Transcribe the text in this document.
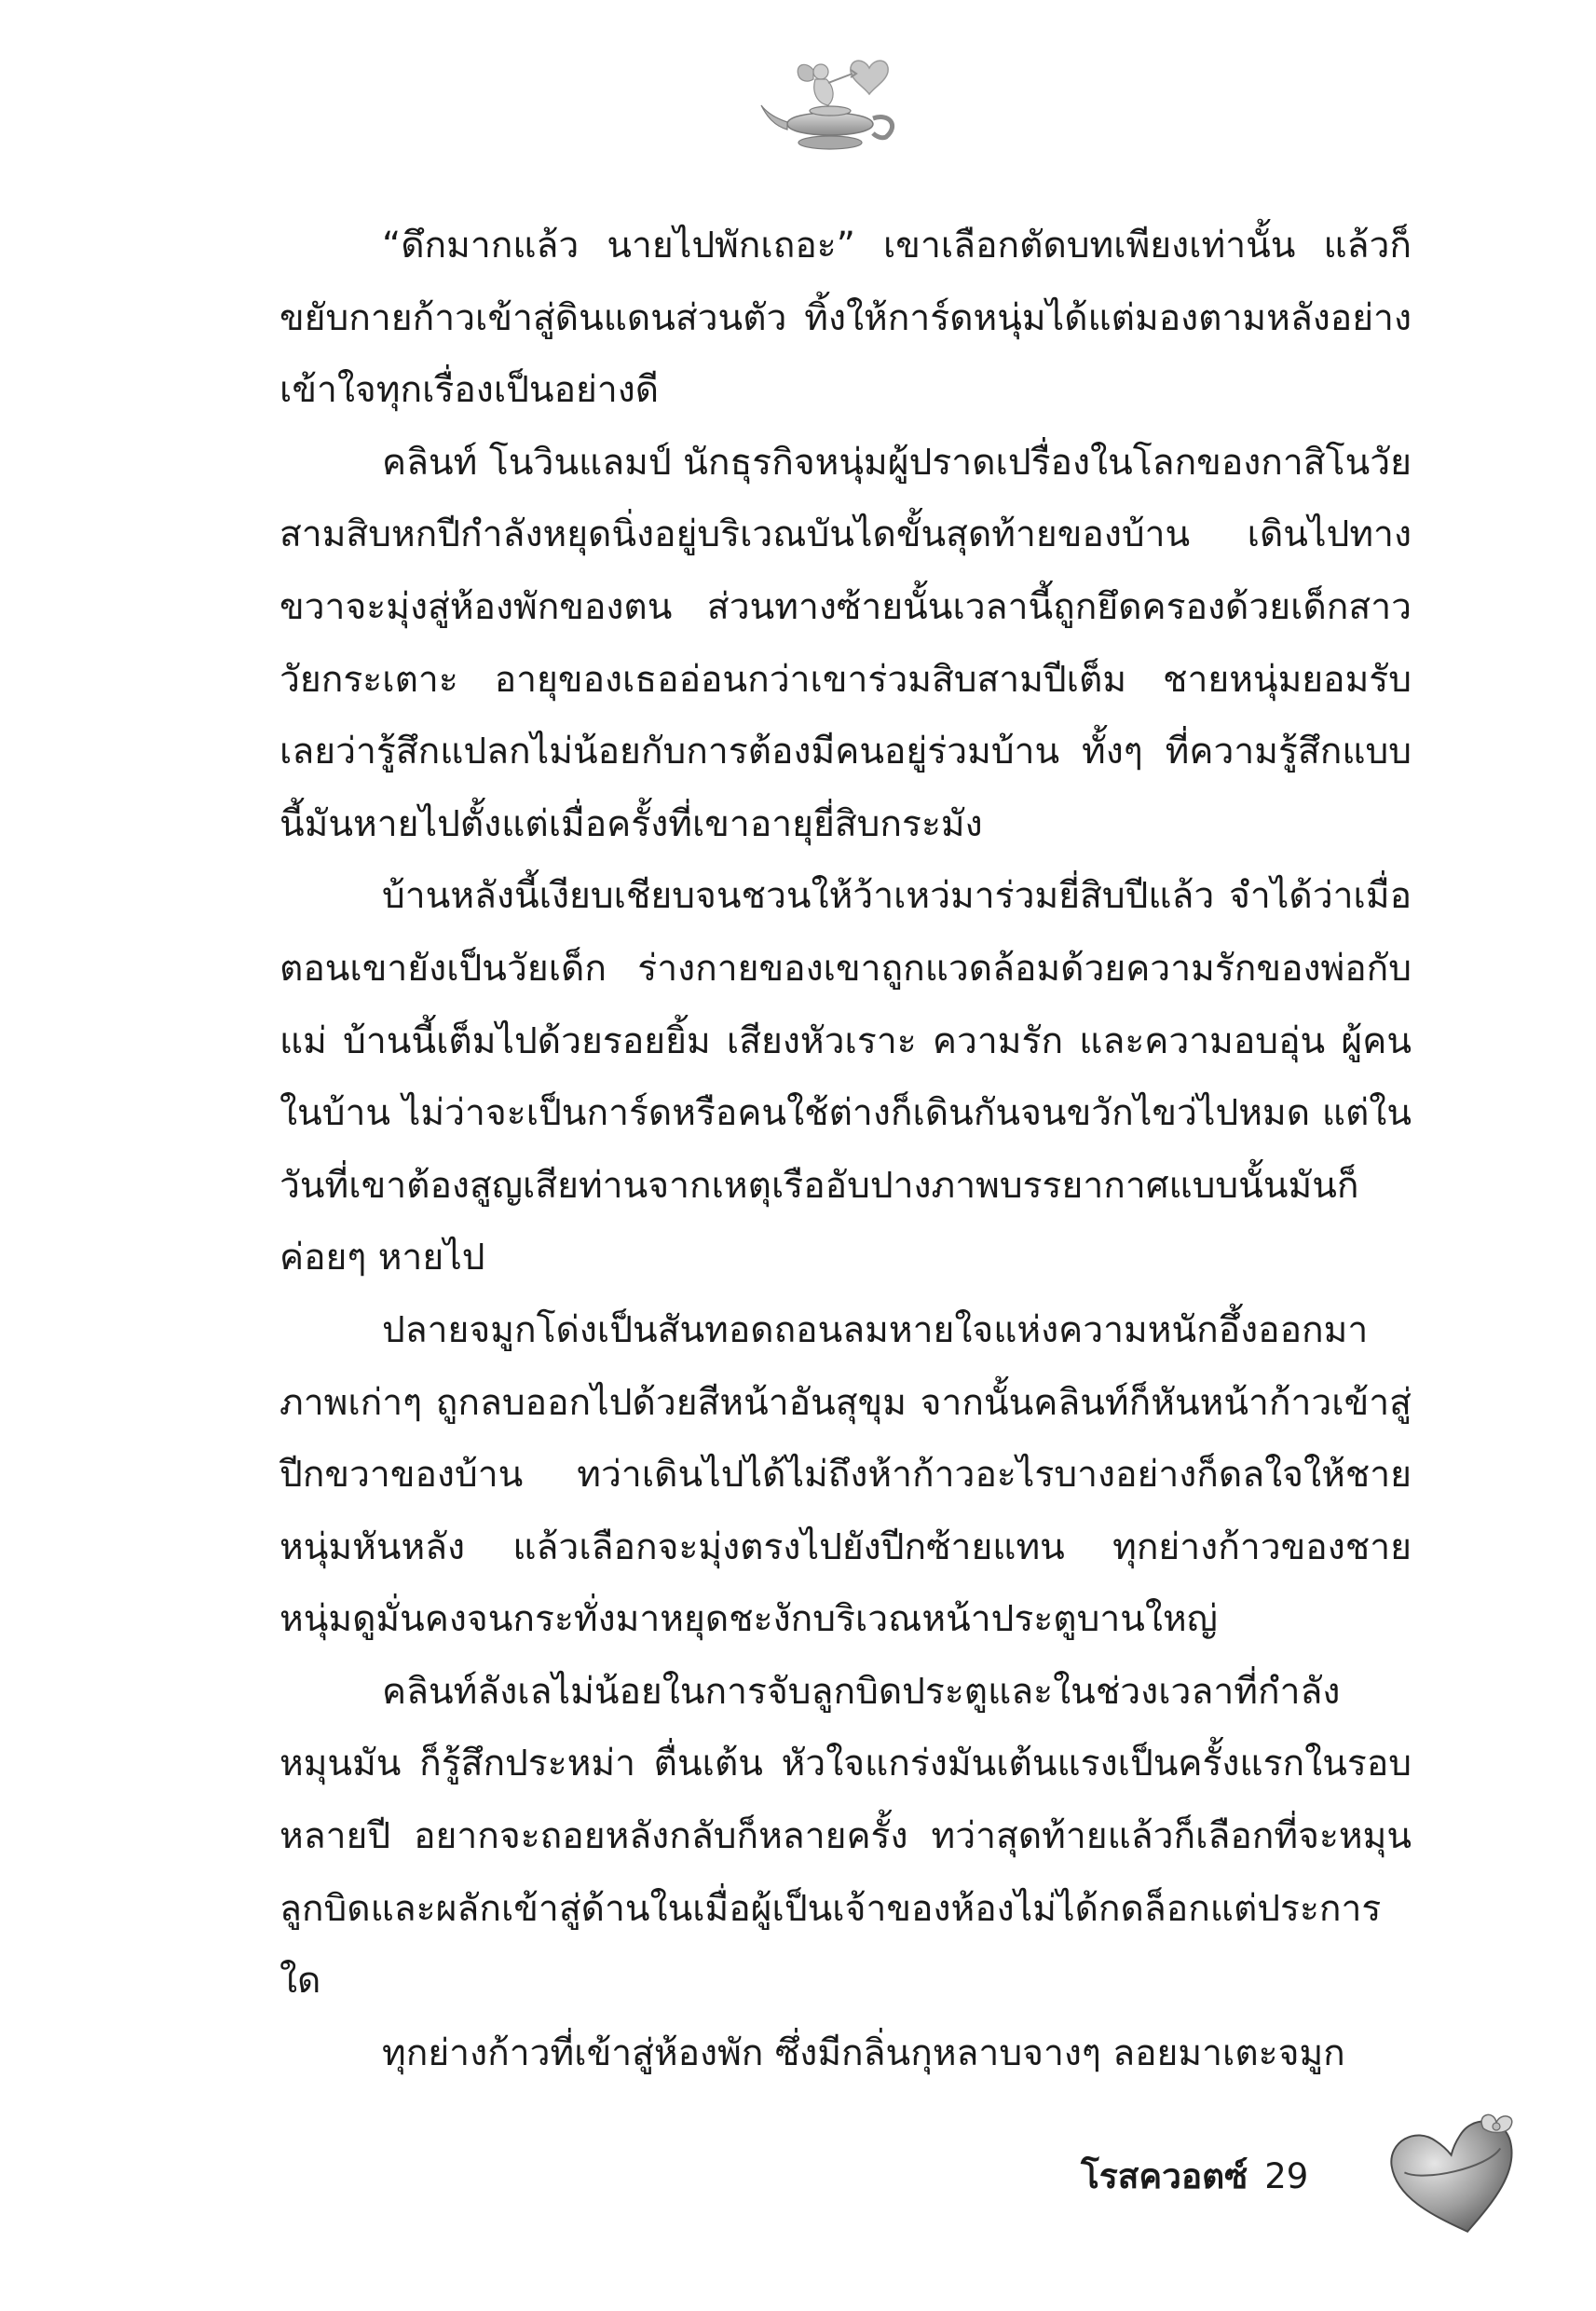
“ดึกมากแล้ว นายไปพักเถอะ” เขาเลือกตัดบทเพียงเท่านั้น แล้วก็ขยับกายก้าวเข้าสู่ดินแดนส่วนตัว ทิ้งให้การ์ดหนุ่มได้แต่มองตามหลังอย่างเข้าใจทุกเรื่องเป็นอย่างดี

คลินท์ โนวินแลมป์ นักธุรกิจหนุ่มผู้ปราดเปรื่องในโลกของกาสิโนวัยสามสิบหกปีกำลังหยุดนิ่งอยู่บริเวณบันไดขั้นสุดท้ายของบ้าน เดินไปทางขวาจะมุ่งสู่ห้องพักของตน ส่วนทางซ้ายนั้นเวลานี้ถูกยึดครองด้วยเด็กสาววัยกระเตาะ อายุของเธออ่อนกว่าเขาร่วมสิบสามปีเต็ม ชายหนุ่มยอมรับเลยว่ารู้สึกแปลกไม่น้อยกับการต้องมีคนอยู่ร่วมบ้าน ทั้งๆ ที่ความรู้สึกแบบนี้มันหายไปตั้งแต่เมื่อครั้งที่เขาอายุยี่สิบกระมัง

บ้านหลังนี้เงียบเชียบจนชวนให้ว้าเหว่มาร่วมยี่สิบปีแล้ว จำได้ว่าเมื่อตอนเขายังเป็นวัยเด็ก ร่างกายของเขาถูกแวดล้อมด้วยความรักของพ่อกับแม่ บ้านนี้เต็มไปด้วยรอยยิ้ม เสียงหัวเราะ ความรัก และความอบอุ่น ผู้คนในบ้าน ไม่ว่าจะเป็นการ์ดหรือคนใช้ต่างก็เดินกันจนขวักไขว่ไปหมด แต่ในวันที่เขาต้องสูญเสียท่านจากเหตุเรืออับปางภาพบรรยากาศแบบนั้นมันก็ค่อยๆ หายไป

ปลายจมูกโด่งเป็นสันทอดถอนลมหายใจแห่งความหนักอึ้งออกมาภาพเก่าๆ ถูกลบออกไปด้วยสีหน้าอันสุขุม จากนั้นคลินท์ก็หันหน้าก้าวเข้าสู่ปีกขวาของบ้าน ทว่าเดินไปได้ไม่ถึงห้าก้าวอะไรบางอย่างก็ดลใจให้ชายหนุ่มหันหลัง แล้วเลือกจะมุ่งตรงไปยังปีกซ้ายแทน ทุกย่างก้าวของชายหนุ่มดูมั่นคงจนกระทั่งมาหยุดชะงักบริเวณหน้าประตูบานใหญ่

คลินท์ลังเลไม่น้อยในการจับลูกบิดประตูและในช่วงเวลาที่กำลังหมุนมัน ก็รู้สึกประหม่า ตื่นเต้น หัวใจแกร่งมันเต้นแรงเป็นครั้งแรกในรอบหลายปี อยากจะถอยหลังกลับก็หลายครั้ง ทว่าสุดท้ายแล้วก็เลือกที่จะหมุนลูกบิดและผลักเข้าสู่ด้านในเมื่อผู้เป็นเจ้าของห้องไม่ได้กดล็อกแต่ประการใด

ทุกย่างก้าวที่เข้าสู่ห้องพัก ซึ่งมีกลิ่นกุหลาบจางๆ ลอยมาเตะจมูก

โรสควอตซ์ 29
